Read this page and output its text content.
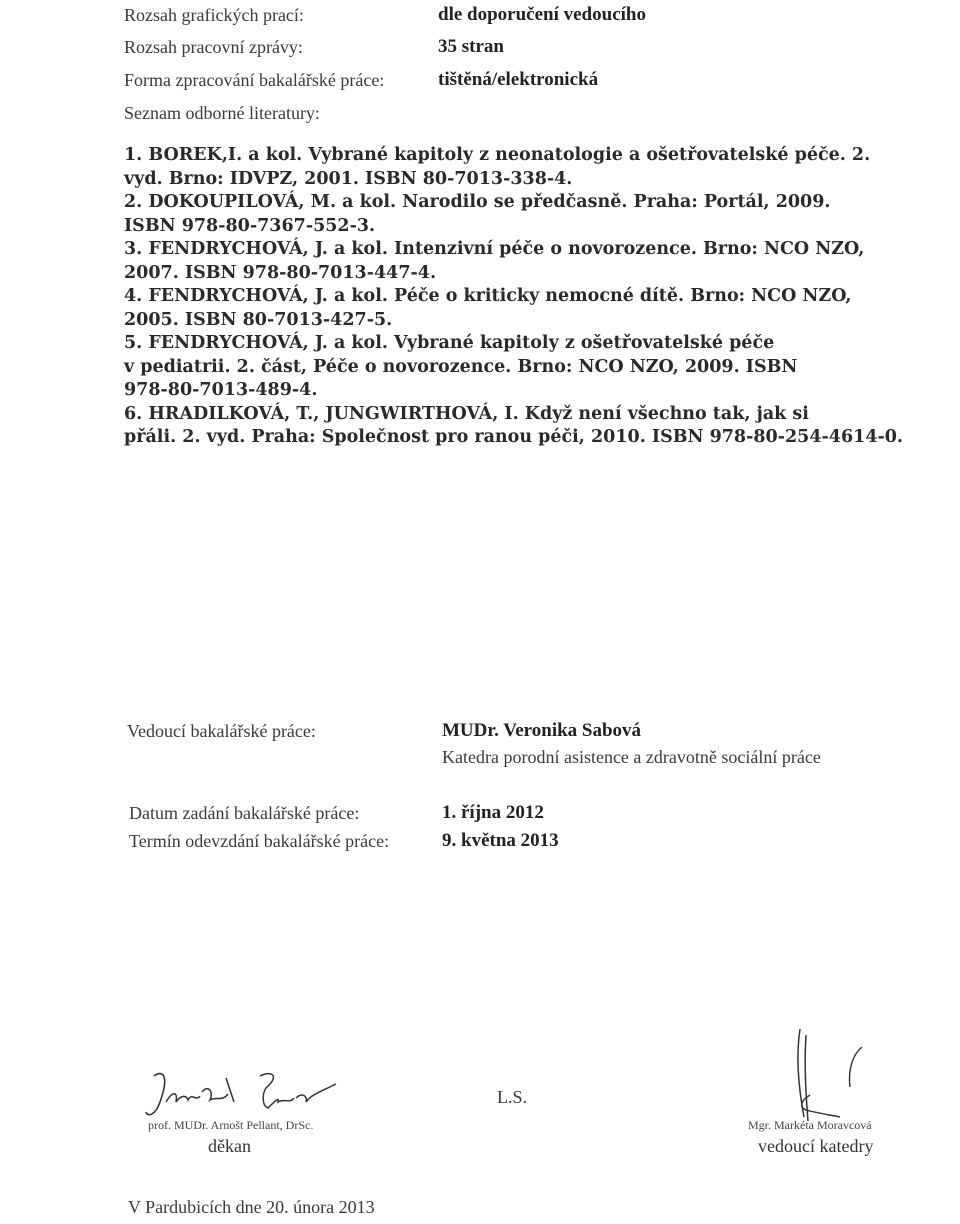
Rozsah grafických prací:	dle doporučení vedoucího
Rozsah pracovní zprávy:	35 stran
Forma zpracování bakalářské práce:	tištěná/elektronická
Seznam odborné literatury:
1. BOREK,I. a kol. Vybrané kapitoly z neonatologie a ošetřovatelské péče. 2.
vyd. Brno: IDVPZ, 2001. ISBN 80-7013-338-4.
2. DOKOUPILOVÁ, M. a kol. Narodilo se předčasně. Praha: Portál, 2009.
ISBN 978-80-7367-552-3.
3. FENDRYCHOVÁ, J. a kol. Intenzivní péče o novorozence. Brno: NCO NZO,
2007. ISBN 978-80-7013-447-4.
4. FENDRYCHOVÁ, J. a kol. Péče o kriticky nemocné dítě. Brno: NCO NZO,
2005. ISBN 80-7013-427-5.
5. FENDRYCHOVÁ, J. a kol. Vybrané kapitoly z ošetřovatelské péče
v pediatrii. 2. část, Péče o novorozence. Brno: NCO NZO, 2009. ISBN
978-80-7013-489-4.
6. HRADILKOVÁ, T., JUNGWIRTHOVÁ, I. Když není všechno tak, jak si
přáli. 2. vyd. Praha: Společnost pro ranou péči, 2010. ISBN 978-80-254-4614-0.
Vedoucí bakalářské práce:	MUDr. Veronika Sabová
Katedra porodní asistence a zdravotně sociální práce
Datum zadání bakalářské práce:	1. října 2012
Termín odevzdání bakalářské práce:	9. května 2013
prof. MUDr. Arnošt Pellant, DrSc.
děkan
L.S.
Mgr. Markéta Moravcová
vedoucí katedry
V Pardubicích dne 20. února 2013
